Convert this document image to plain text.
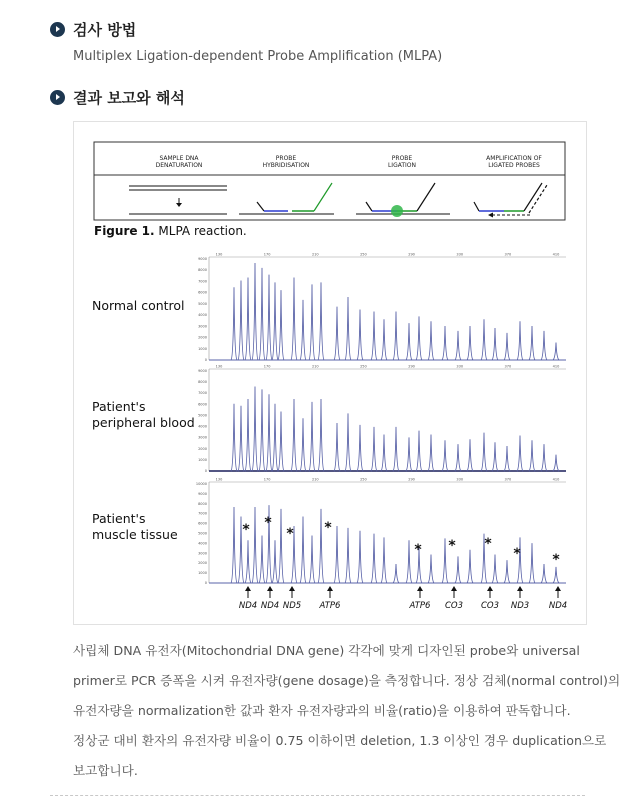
검사 방법
Multiplex Ligation-dependent Probe Amplification (MLPA)
결과 보고와 해석
SAMPLE DNA
DENATURATION
PROBE
HYBRIDISATION
PROBE
LIGATION
AMPLIFICATION OF
LIGATED PROBES
Figure 1. MLPA reaction.
130	170	210	250	290	330	370	410
9000
8000
7000
6000
5000
4000
3000
2000
1000
0
Normal control
130	170	210	250	290	330	370	410
9000
8000
7000
6000
5000
4000
3000
2000
1000
0
Patient's
peripheral blood
130	170	210	250	290	330	370	410
10000
9000
8000
7000
6000
5000
4000
3000
2000
1000
0
Patient's
muscle tissue	* *
* *
* * *
* *
ND4 ND4 ND5 ATP6	ATP6 CO3 CO3 ND3 ND4

사립체 DNA 유전자(Mitochondrial DNA gene) 각각에 맞게 디자인된 probe와 universal

primer로 PCR 증폭을 시켜 유전자량(gene dosage)을 측정합니다. 정상 검체(normal control)의

유전자량을 normalization한 값과 환자 유전자량과의 비율(ratio)을 이용하여 판독합니다.

정상군 대비 환자의 유전자량 비율이 0.75 이하이면 deletion, 1.3 이상인 경우 duplication으로

보고합니다.
